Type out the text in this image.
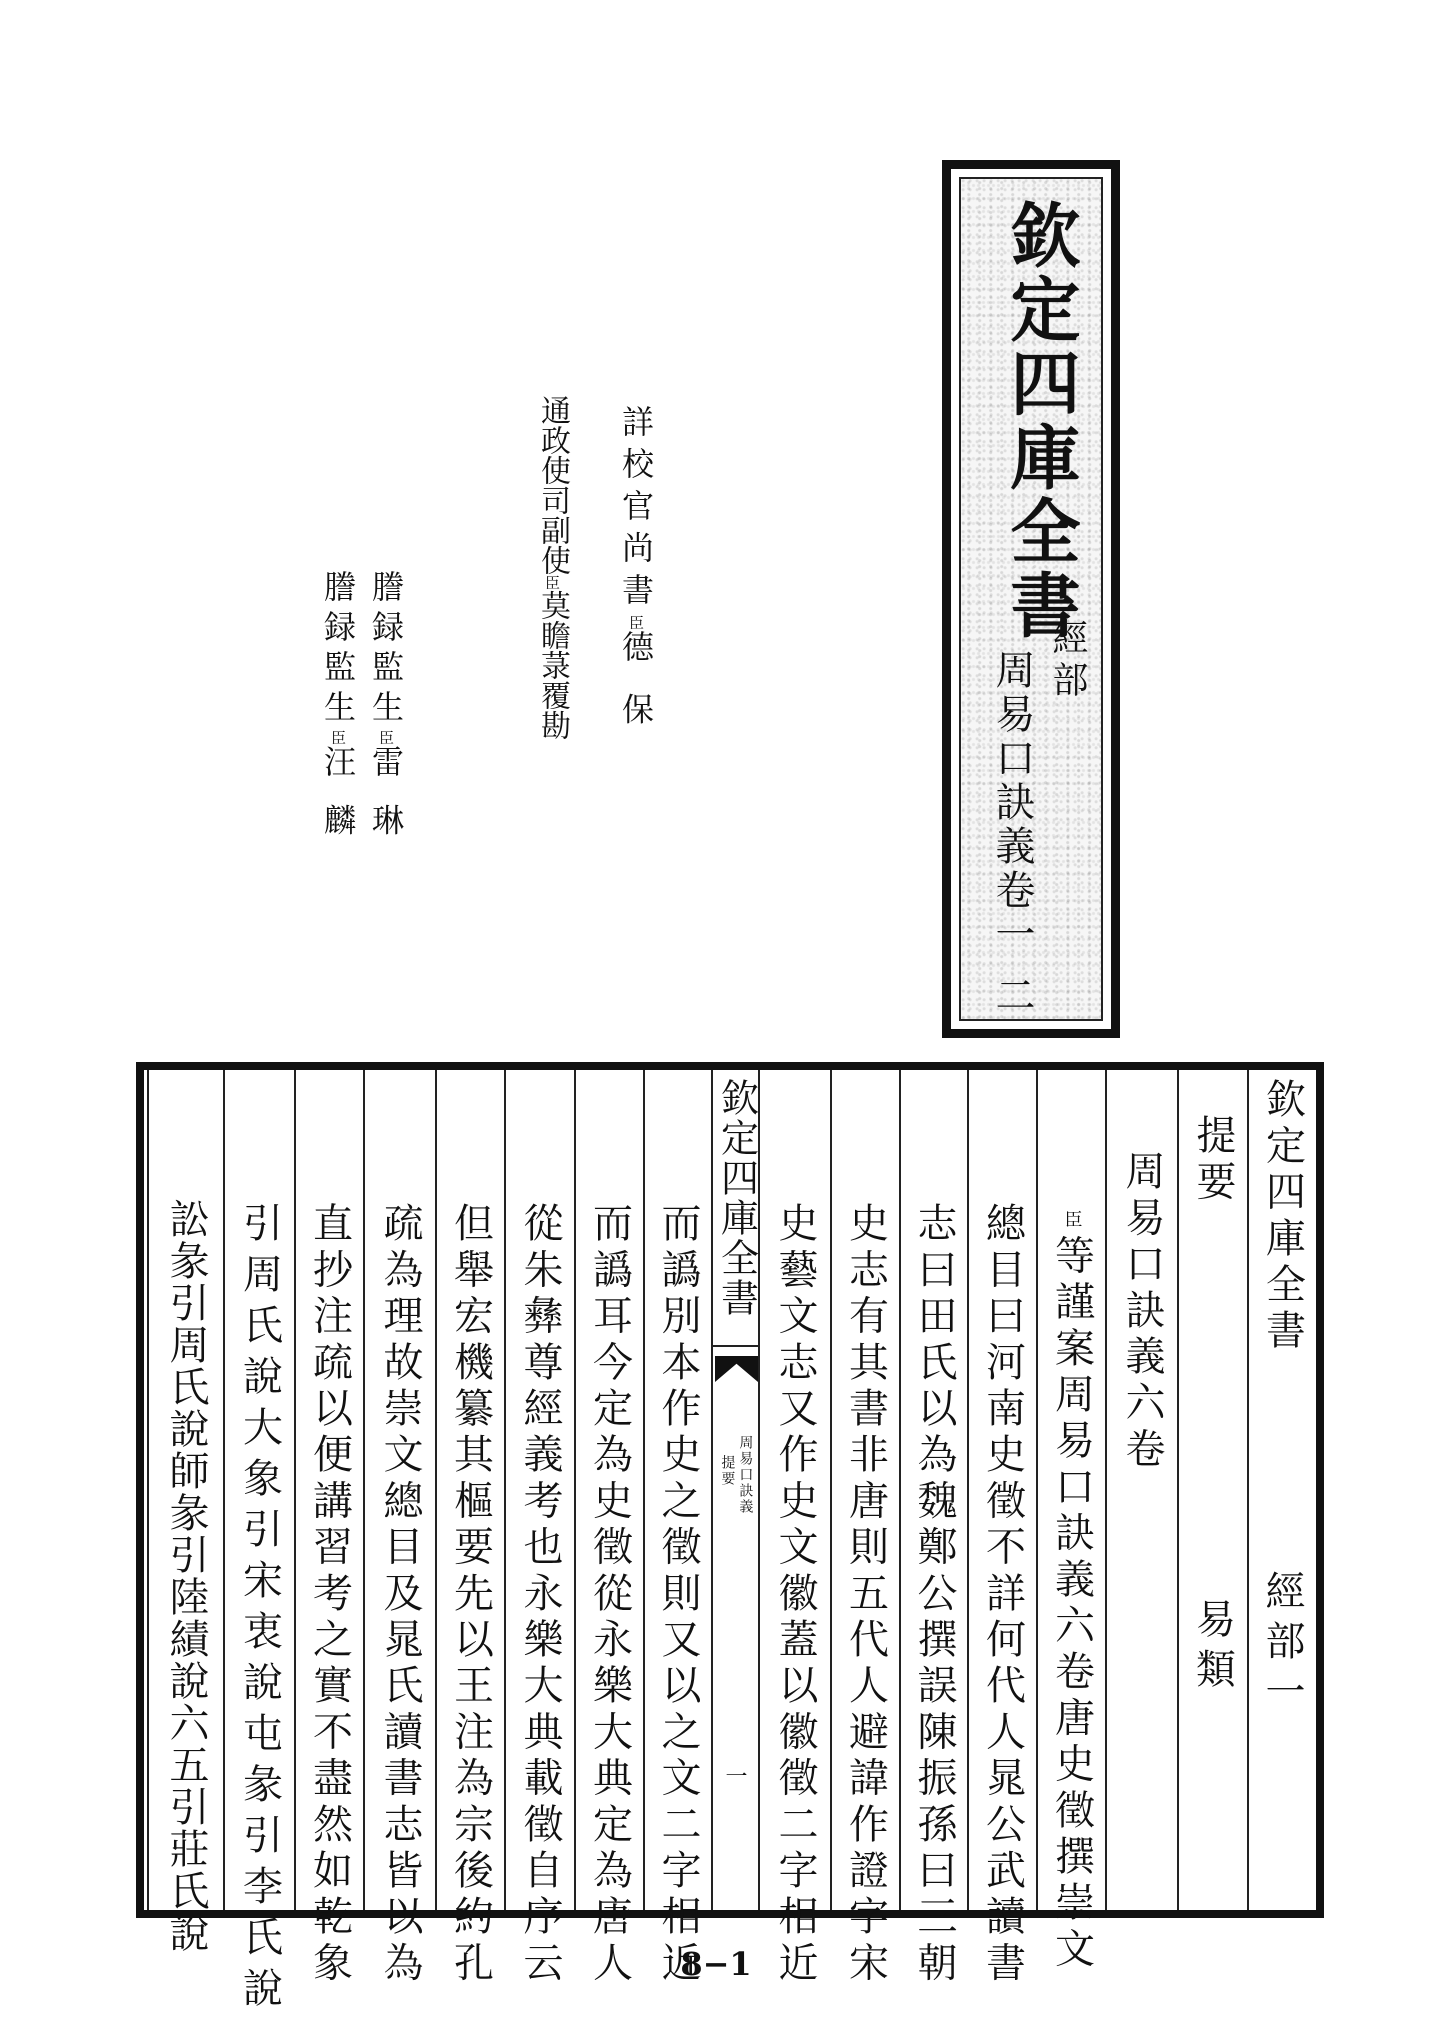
欽定四庫全書
經部
周易口訣義卷一 二
詳校官尚書臣德 保
通政使司副使臣莫瞻菉覆勘
謄録監生臣雷 琳
謄録監生臣汪 麟
欽定四庫全書
經部一
提要
易類
周易口訣義六卷
臣等謹案周易口訣義六卷唐史徵撰崇文
總目曰河南史徵不詳何代人晁公武讀書
志曰田氏以為魏鄭公撰誤陳振孫曰三朝
史志有其書非唐則五代人避諱作證字宋
史藝文志又作史文徽蓋以徽徵二字相近
欽定四庫全書
周易口訣義
提要
一
而譌別本作史之徵則又以之文二字相近
而譌耳今定為史徵從永樂大典定為唐人
從朱彝尊經義考也永樂大典載徵自序云
但舉宏機纂其樞要先以王注為宗後約孔
疏為理故崇文總目及晁氏讀書志皆以為
直抄注疏以便講習考之實不盡然如乾象
引周氏說大象引宋衷說屯彖引李氏說
訟彖引周氏說師彖引陸績說六五引莊氏說
8−1
